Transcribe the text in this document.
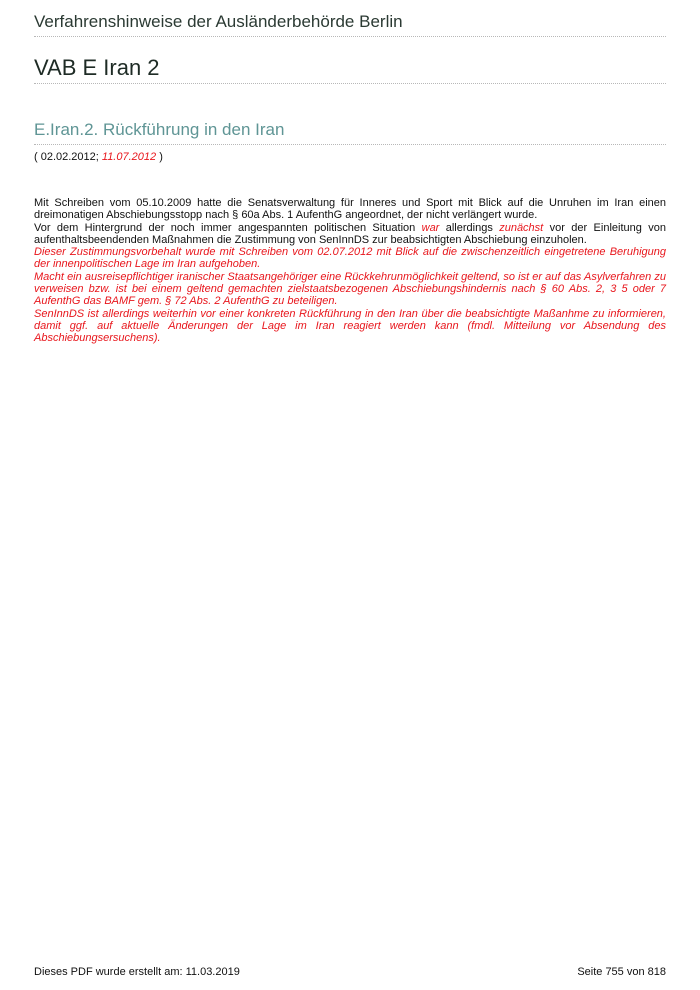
Verfahrenshinweise der Ausländerbehörde Berlin
VAB E Iran 2
E.Iran.2. Rückführung in den Iran
( 02.02.2012; 11.07.2012 )

Mit Schreiben vom 05.10.2009 hatte die Senatsverwaltung für Inneres und Sport mit Blick auf die Unruhen im Iran einen dreimonatigen Abschiebungsstopp nach § 60a Abs. 1 AufenthG angeordnet, der nicht verlängert wurde.

Vor dem Hintergrund der noch immer angespannten politischen Situation war allerdings zunächst vor der Einleitung von aufenthaltsbeendenden Maßnahmen die Zustimmung von SenInnDS zur beabsichtigten Abschiebung einzuholen.

Dieser Zustimmungsvorbehalt wurde mit Schreiben vom 02.07.2012 mit Blick auf die zwischenzeitlich eingetretene Beruhigung der innenpolitischen Lage im Iran aufgehoben.

Macht ein ausreisepflichtiger iranischer Staatsangehöriger eine Rückkehrunmöglichkeit geltend, so ist er auf das Asylverfahren zu verweisen bzw. ist bei einem geltend gemachten zielstaatsbezogenen Abschiebungshindernis nach § 60 Abs. 2, 3 5 oder 7 AufenthG das BAMF gem. § 72 Abs. 2 AufenthG zu beteiligen.

SenInnDS ist allerdings weiterhin vor einer konkreten Rückführung in den Iran über die beabsichtigte Maßanhme zu informieren, damit ggf. auf aktuelle Änderungen der Lage im Iran reagiert werden kann (fmdl. Mitteilung vor Absendung des Abschiebungsersuchens).

Dieses PDF wurde erstellt am: 11.03.2019	Seite 755 von 818
